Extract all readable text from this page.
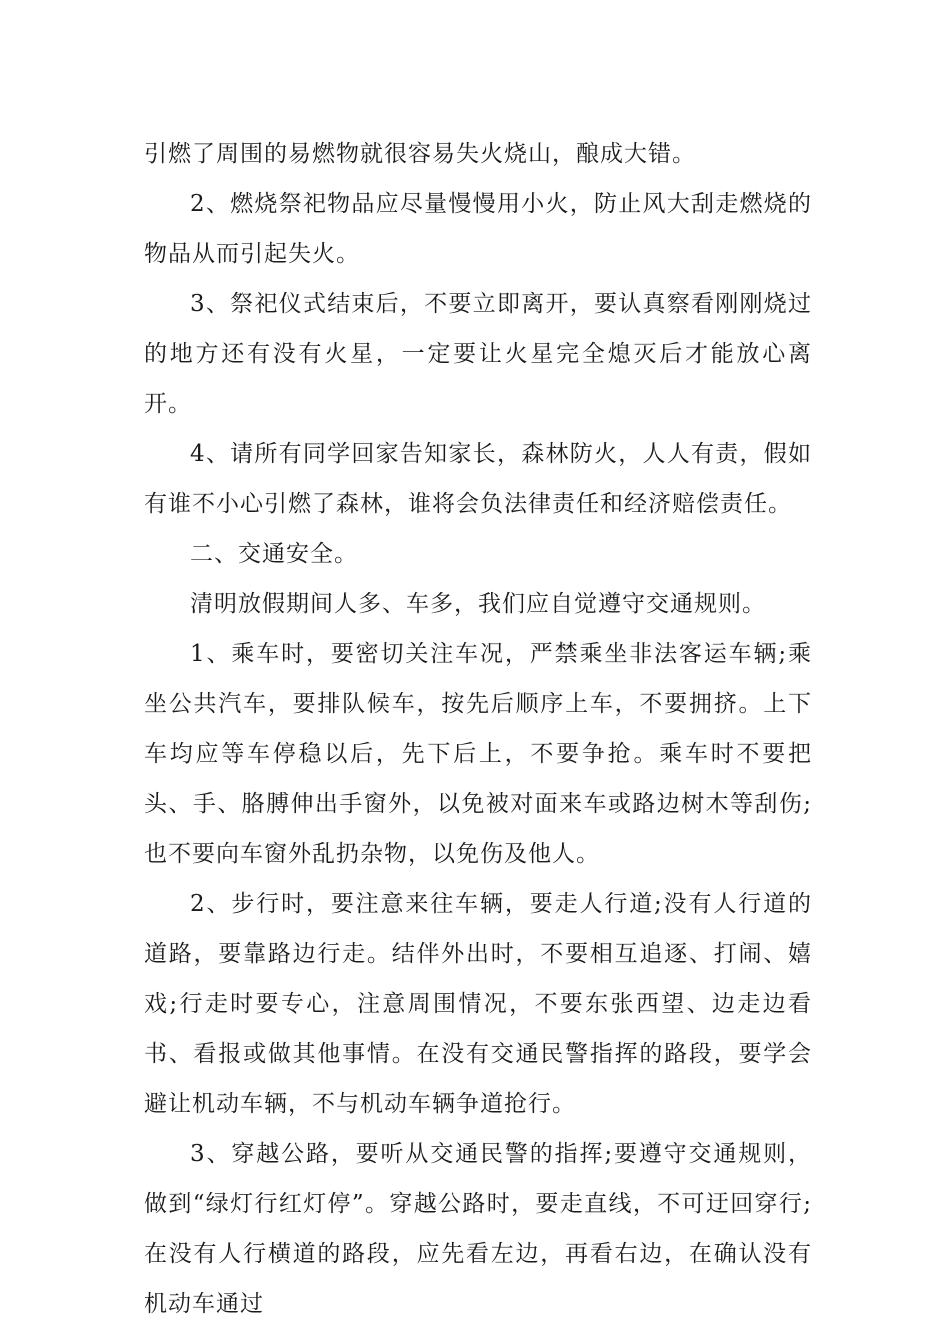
引燃了周围的易燃物就很容易失火烧山，酿成大错。

2、燃烧祭祀物品应尽量慢慢用小火，防止风大刮走燃烧的物品从而引起失火。

3、祭祀仪式结束后，不要立即离开，要认真察看刚刚烧过的地方还有没有火星，一定要让火星完全熄灭后才能放心离开。

4、请所有同学回家告知家长，森林防火，人人有责，假如有谁不小心引燃了森林，谁将会负法律责任和经济赔偿责任。

二、交通安全。

清明放假期间人多、车多，我们应自觉遵守交通规则。

1、乘车时，要密切关注车况，严禁乘坐非法客运车辆;乘坐公共汽车，要排队候车，按先后顺序上车，不要拥挤。上下车均应等车停稳以后，先下后上，不要争抢。乘车时不要把头、手、胳膊伸出手窗外，以免被对面来车或路边树木等刮伤;也不要向车窗外乱扔杂物，以免伤及他人。

2、步行时，要注意来往车辆，要走人行道;没有人行道的道路，要靠路边行走。结伴外出时，不要相互追逐、打闹、嬉戏;行走时要专心，注意周围情况，不要东张西望、边走边看书、看报或做其他事情。在没有交通民警指挥的路段，要学会避让机动车辆，不与机动车辆争道抢行。

3、穿越公路，要听从交通民警的指挥;要遵守交通规则，做到“绿灯行红灯停”。穿越公路时，要走直线，不可迂回穿行;在没有人行横道的路段，应先看左边，再看右边，在确认没有机动车通过
